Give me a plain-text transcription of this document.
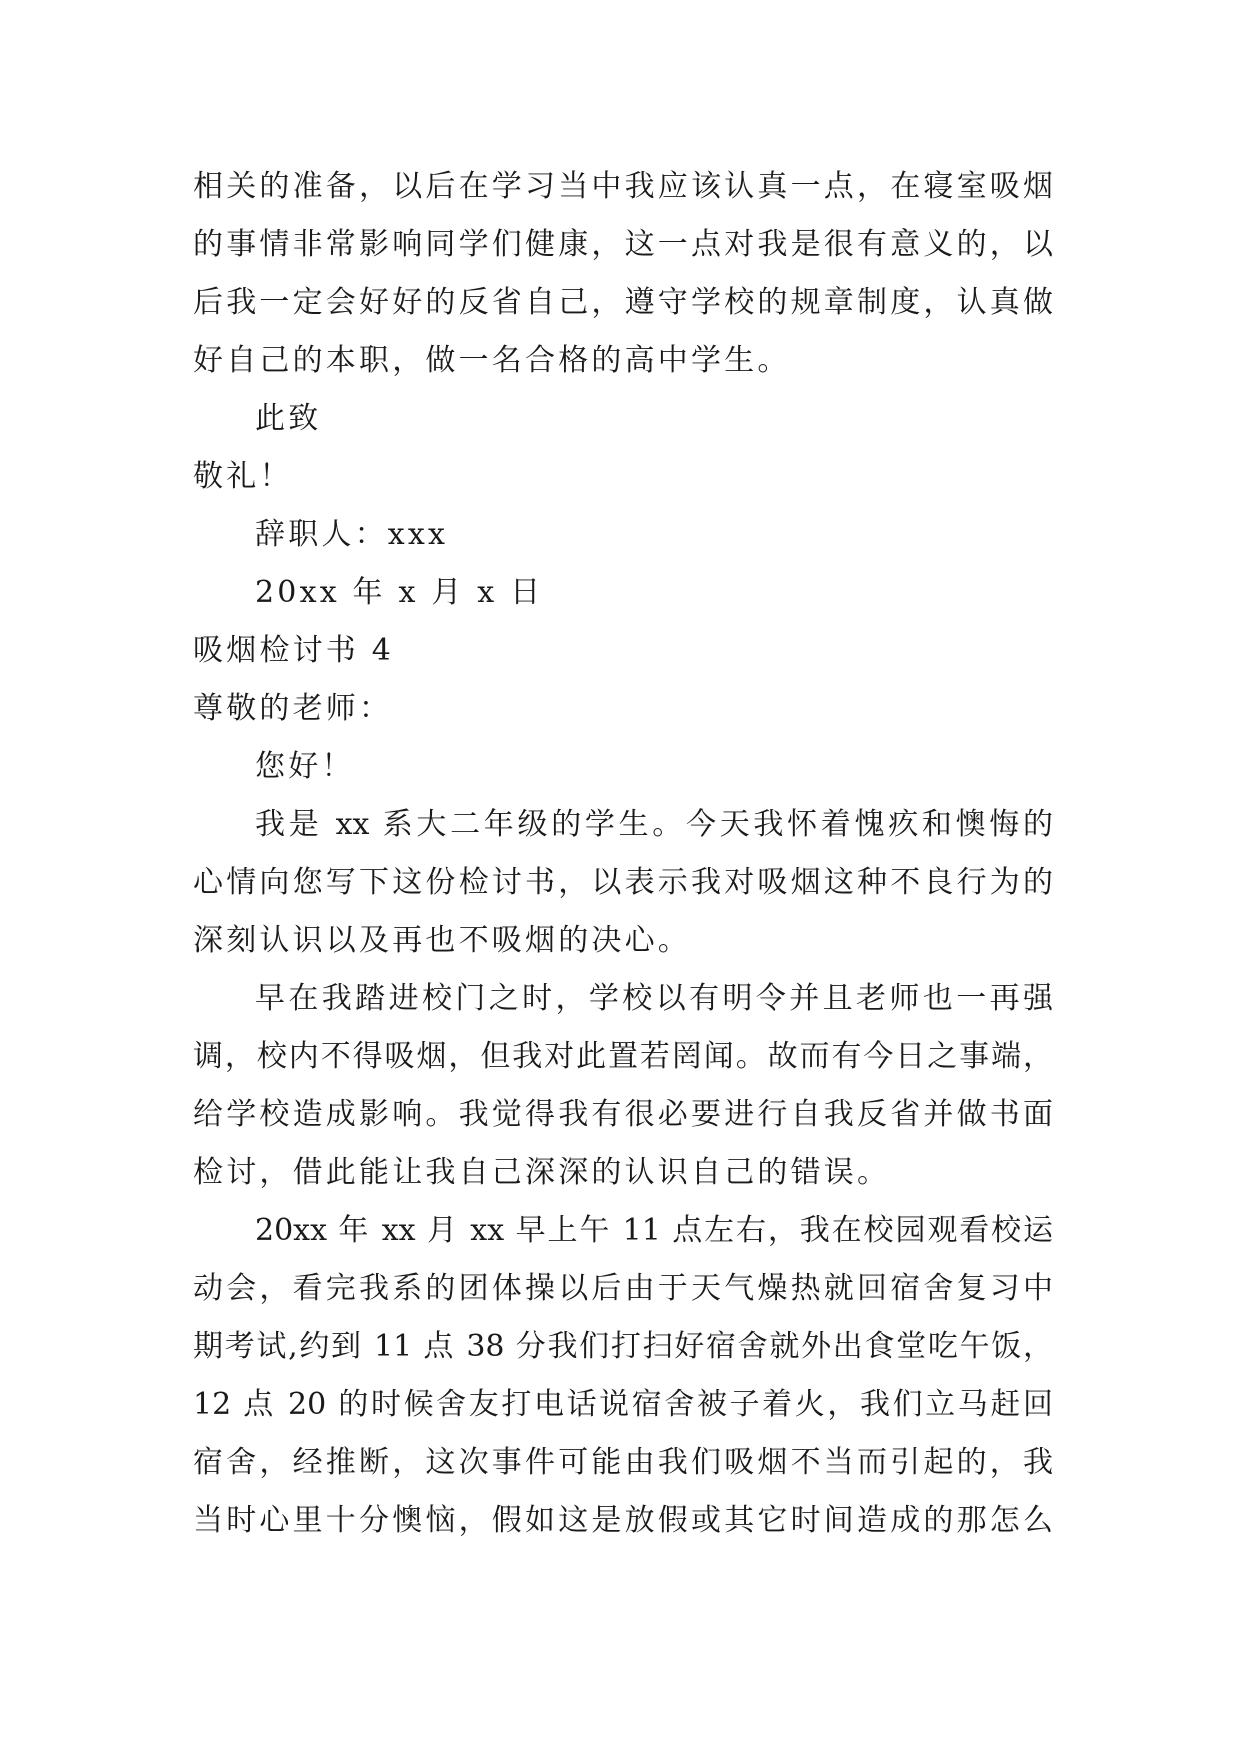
相关的准备，以后在学习当中我应该认真一点，在寝室吸烟
的事情非常影响同学们健康，这一点对我是很有意义的，以
后我一定会好好的反省自己，遵守学校的规章制度，认真做
好自己的本职，做一名合格的高中学生。
此致
敬礼！
辞职人：xxx
20xx 年 x 月 x 日
吸烟检讨书 4
尊敬的老师：
您好！
我是 xx 系大二年级的学生。今天我怀着愧疚和懊悔的
心情向您写下这份检讨书，以表示我对吸烟这种不良行为的
深刻认识以及再也不吸烟的决心。
早在我踏进校门之时，学校以有明令并且老师也一再强
调，校内不得吸烟，但我对此置若罔闻。故而有今日之事端，
给学校造成影响。我觉得我有很必要进行自我反省并做书面
检讨，借此能让我自己深深的认识自己的错误。
20xx 年 xx 月 xx 早上午 11 点左右，我在校园观看校运
动会，看完我系的团体操以后由于天气燥热就回宿舍复习中
期考试,约到 11 点 38 分我们打扫好宿舍就外出食堂吃午饭，
12 点 20 的时候舍友打电话说宿舍被子着火，我们立马赶回
宿舍，经推断，这次事件可能由我们吸烟不当而引起的，我
当时心里十分懊恼，假如这是放假或其它时间造成的那怎么
